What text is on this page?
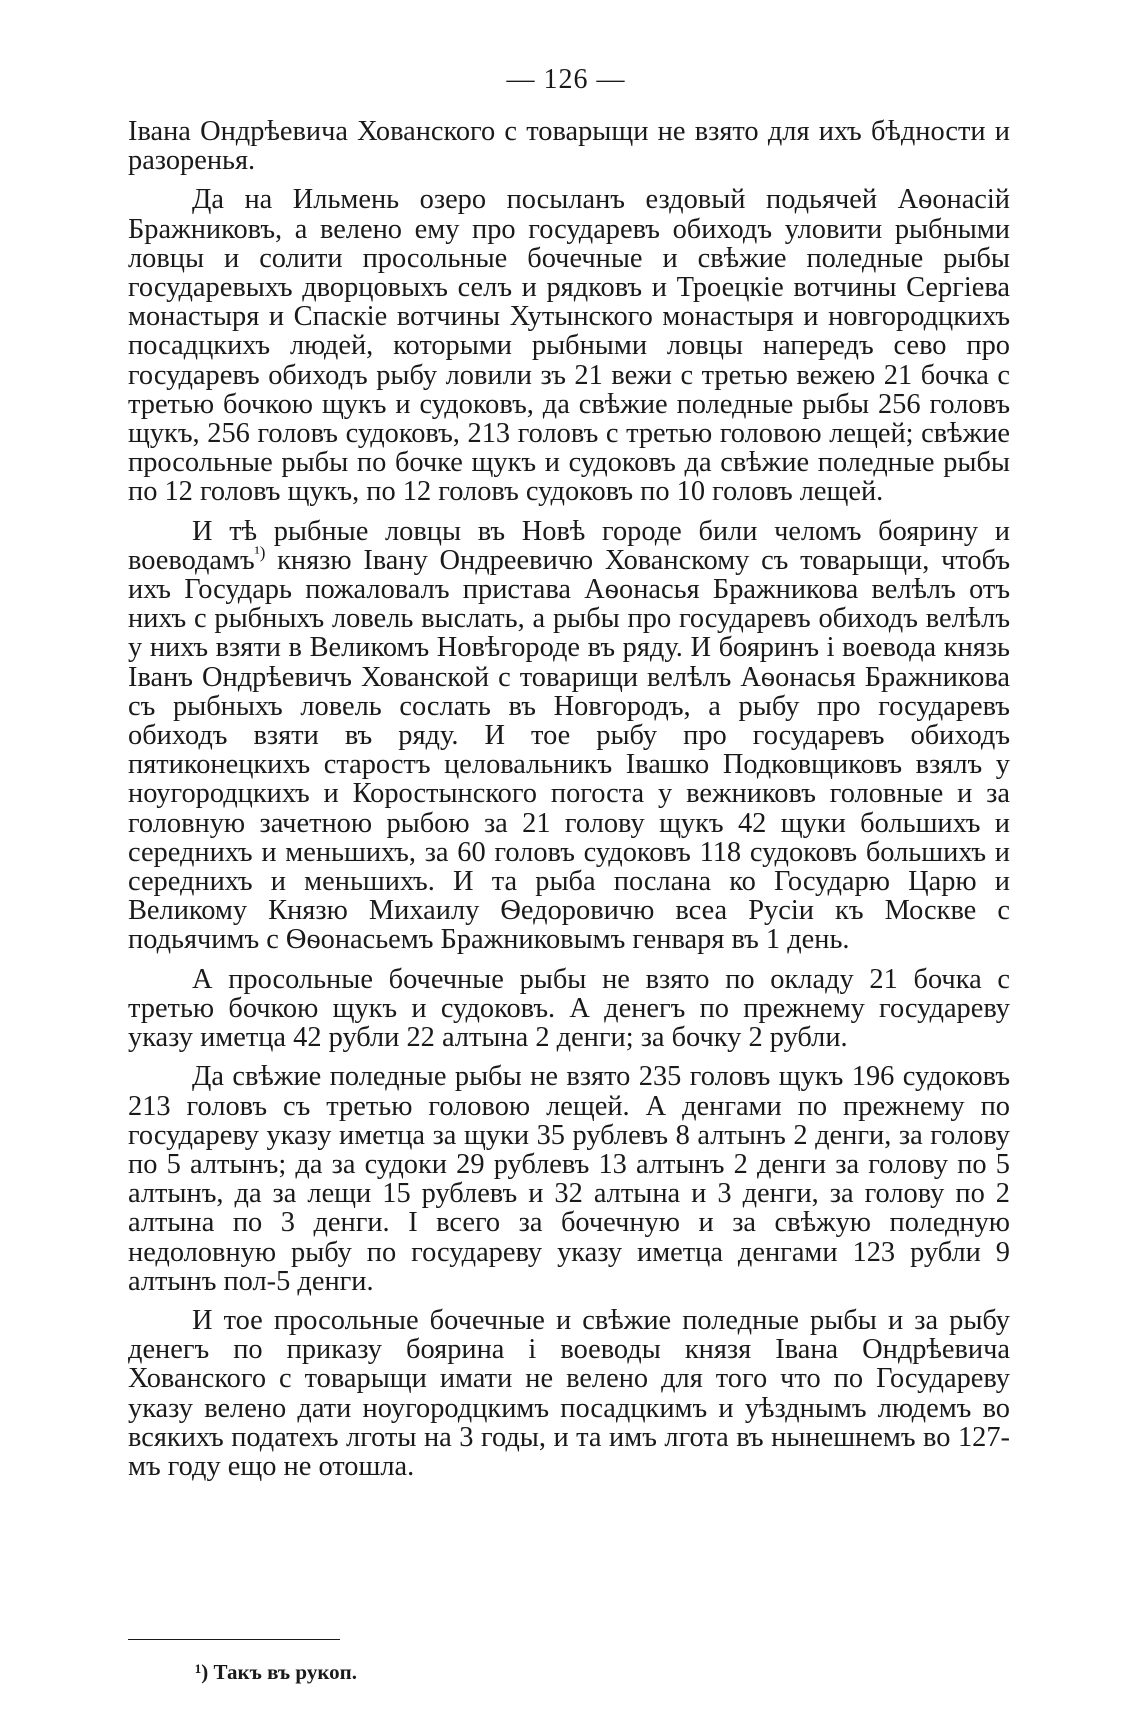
— 126 —

Івана Ондрѣевича Хованского с товарыщи не взято для ихъ бѣдности и разоренья.

Да на Ильмень озеро посыланъ ездовый подьячей Аѳонасій Бражниковъ, а велено ему про государевъ обиходъ уловити рыбными ловцы и солити просольные бочечные и свѣжие поледные рыбы государевыхъ дворцовыхъ селъ и рядковъ и Троецкіе вотчины Сергіева монастыря и Спаскіе вотчины Хутынского монастыря и новгородцкихъ посадцкихъ людей, которыми рыбными ловцы напередъ сево про государевъ обиходъ рыбу ловили зъ 21 вежи с третью вежею 21 бочка с третью бочкою щукъ и судоковъ, да свѣжие поледные рыбы 256 головъ щукъ, 256 головъ судоковъ, 213 головъ с третью головою лещей; свѣжие просольные рыбы по бочке щукъ и судоковъ да свѣжие поледные рыбы по 12 головъ щукъ, по 12 головъ судоковъ по 10 головъ лещей.

И тѣ рыбные ловцы въ Новѣ городе били челомъ боярину и воеводамъ$^{^1)}$ князю Івану Ондреевичю Хованскому съ товарыщи, чтобъ ихъ Государь пожаловалъ пристава Аѳонасья Бражникова велѣлъ отъ нихъ с рыбныхъ ловель выслать, а рыбы про государевъ обиходъ велѣлъ у нихъ взяти в Великомъ Новѣгороде въ ряду. И бояринъ і воевода князь Іванъ Ондрѣевичъ Хованской с товарищи велѣлъ Аѳонасья Бражникова съ рыбныхъ ловель сослать въ Новгородъ, а рыбу про государевъ обиходъ взяти въ ряду. И тое рыбу про государевъ обиходъ пятиконецкихъ старостъ целовальникъ Івашко Подковщиковъ взялъ у ноугородцкихъ и Коростынского погоста у вежниковъ головные и за головную зачетною рыбою за 21 голову щукъ 42 щуки большихъ и середнихъ и меньшихъ, за 60 головъ судоковъ 118 судоковъ большихъ и середнихъ и меньшихъ. И та рыба послана ко Государю Царю и Великому Князю Михаилу Ѳедоровичю всеа Русіи къ Москве с подьячимъ с Ѳѳонасьемъ Бражниковымъ генваря въ 1 день.

А просольные бочечные рыбы не взято по окладу 21 бочка с третью бочкою щукъ и судоковъ. А денегъ по прежнему государеву указу иметца 42 рубли 22 алтына 2 денги; за бочку 2 рубли.

Да свѣжие поледные рыбы не взято 235 головъ щукъ 196 судоковъ 213 головъ съ третью головою лещей. А денгами по прежнему по государеву указу иметца за щуки 35 рублевъ 8 алтынъ 2 денги, за голову по 5 алтынъ; да за судоки 29 рублевъ 13 алтынъ 2 денги за голову по 5 алтынъ, да за лещи 15 рублевъ и 32 алтына и 3 денги, за голову по 2 алтына по 3 денги. І всего за бочечную и за свѣжую поледную недоловную рыбу по государеву указу иметца денгами 123 рубли 9 алтынъ пол-5 денги.

И тое просольные бочечные и свѣжие поледные рыбы и за рыбу денегъ по приказу боярина і воеводы князя Івана Ондрѣевича Хованского с товарыщи имати не велено для того что по Государеву указу велено дати ноугородцкимъ посадцкимъ и уѣзднымъ людемъ во всякихъ податехъ лготы на 3 годы, и та имъ лгота въ нынешнемъ во 127-мъ году ещо не отошла.

¹) Такъ въ рукоп.
